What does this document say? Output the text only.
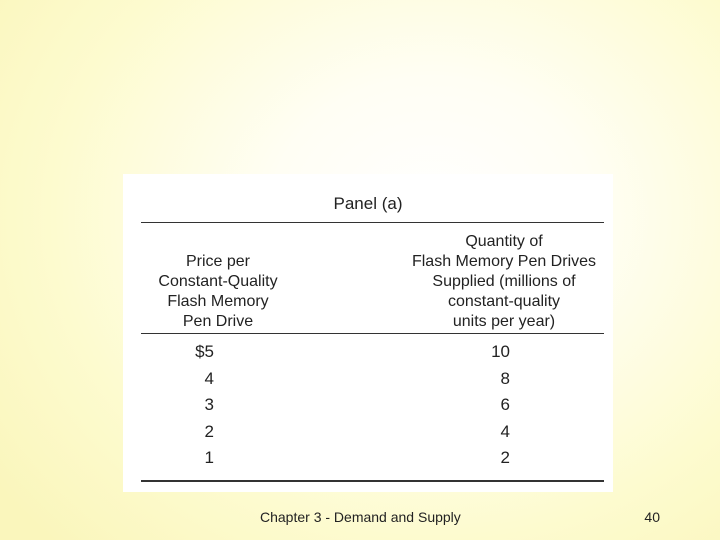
Panel (a)
Price per
Constant-Quality
Flash Memory
Pen Drive
Quantity of
Flash Memory Pen Drives
Supplied (millions of
constant-quality
units per year)
$5	10
4	8
3	6
2	4
1	2
Chapter 3 - Demand and Supply	40
